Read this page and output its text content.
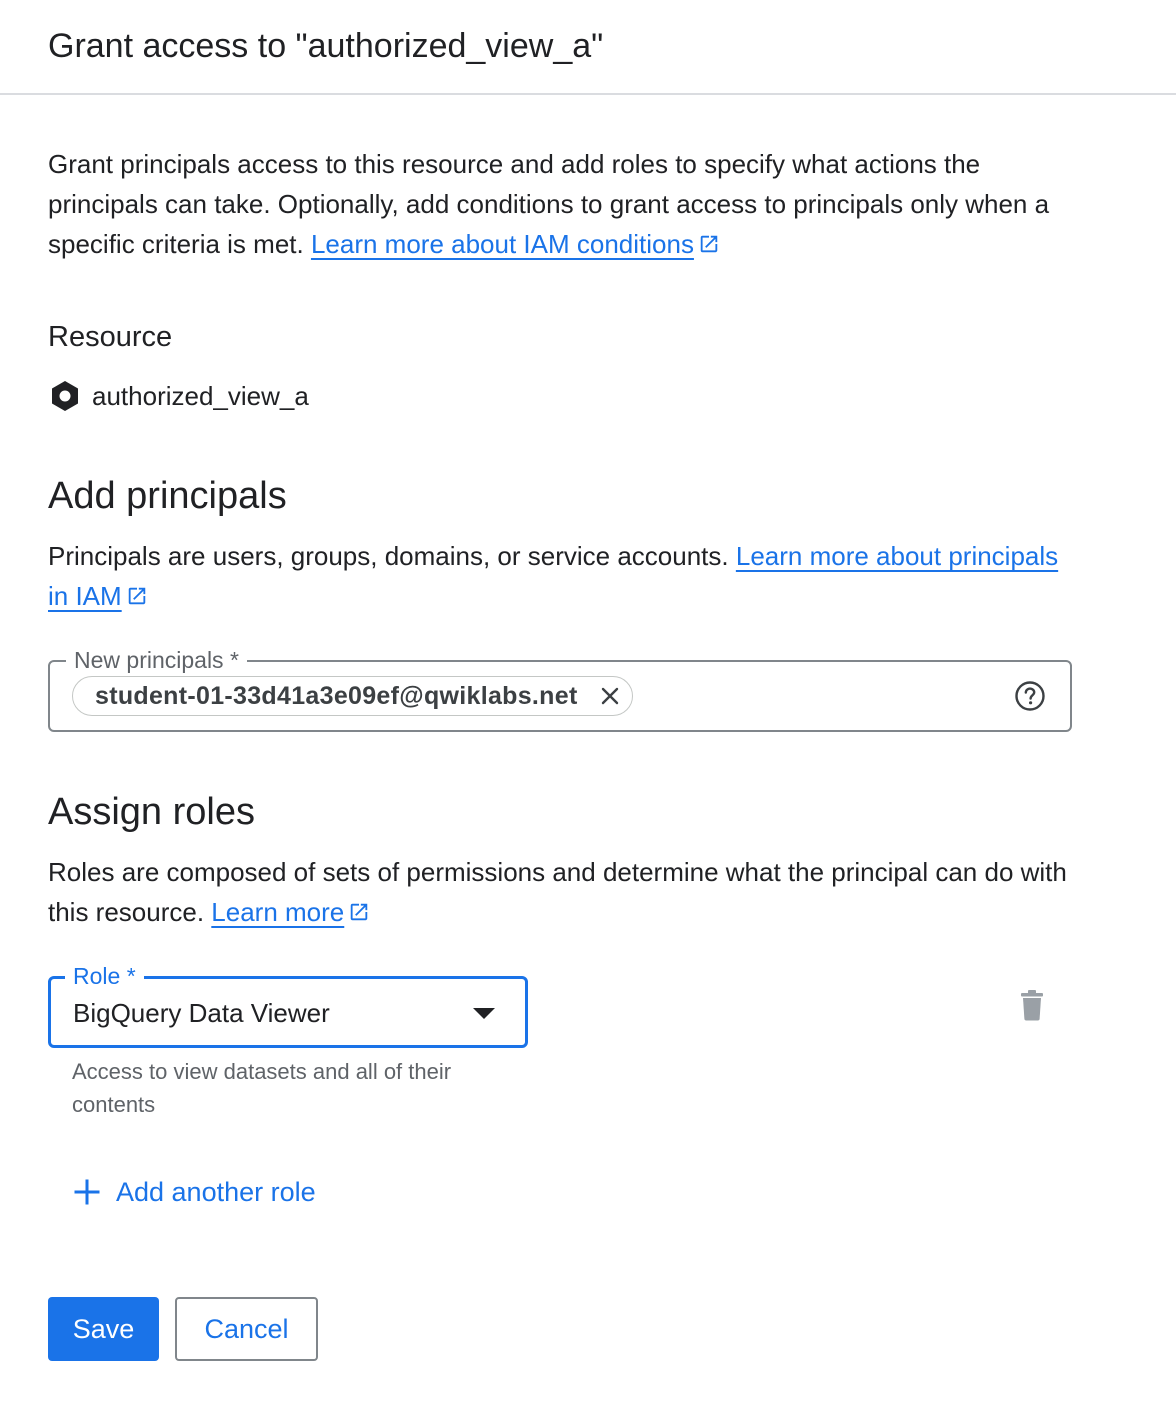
Grant access to "authorized_view_a"
Grant principals access to this resource and add roles to specify what actions the principals can take. Optionally, add conditions to grant access to principals only when a specific criteria is met. Learn more about IAM conditions
Resource
authorized_view_a
Add principals
Principals are users, groups, domains, or service accounts. Learn more about principals in IAM
New principals *
student-01-33d41a3e09ef@qwiklabs.net
Assign roles
Roles are composed of sets of permissions and determine what the principal can do with this resource. Learn more
Role *
BigQuery Data Viewer
Access to view datasets and all of their contents
Add another role
Save	Cancel
